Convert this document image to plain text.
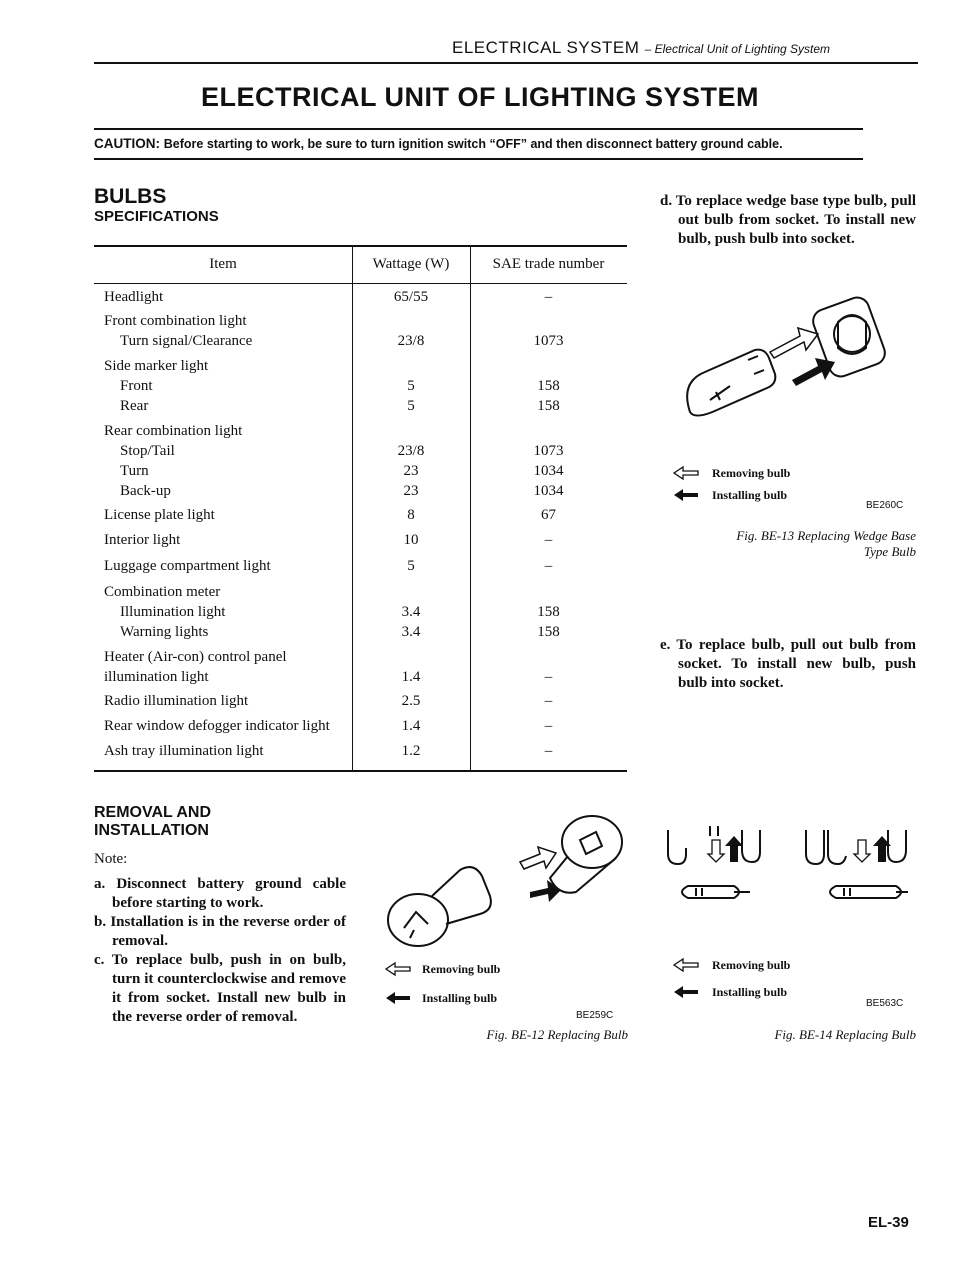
ELECTRICAL SYSTEM – Electrical Unit of Lighting System
ELECTRICAL UNIT OF LIGHTING SYSTEM
CAUTION: Before starting to work, be sure to turn ignition switch “OFF” and then disconnect battery ground cable.
BULBS
SPECIFICATIONS
Item	Wattage (W)	SAE trade number
Headlight	65/55	–
Front combination light
Turn signal/Clearance	23/8	1073
Side marker light
Front	5	158
Rear	5	158
Rear combination light
Stop/Tail	23/8	1073
Turn	23	1034
Back-up	23	1034
License plate light	8	67
Interior light	10	–
Luggage compartment light	5	–
Combination meter
Illumination light	3.4	158
Warning lights	3.4	158
Heater (Air-con) control panel
illumination light	1.4	–
Radio illumination light	2.5	–
Rear window defogger indicator light	1.4	–
Ash tray illumination light	1.2	–
REMOVAL AND
INSTALLATION

Note:

a. Disconnect battery ground cable before starting to work.

b. Installation is in the reverse order of removal.

c. To replace bulb, push in on bulb, turn it counterclockwise and remove it from socket. Install new bulb in the reverse order of removal.

d. To replace wedge base type bulb, pull out bulb from socket. To install new bulb, push bulb into socket.
Removing bulb
Installing bulb
BE260C
Fig. BE-13 Replacing Wedge Base
Type Bulb
e. To replace bulb, pull out bulb from socket. To install new bulb, push bulb into socket.
Removing bulb
Installing bulb
BE259C
Fig. BE-12 Replacing Bulb
Removing bulb
Installing bulb
BE563C
Fig. BE-14 Replacing Bulb
EL-39
